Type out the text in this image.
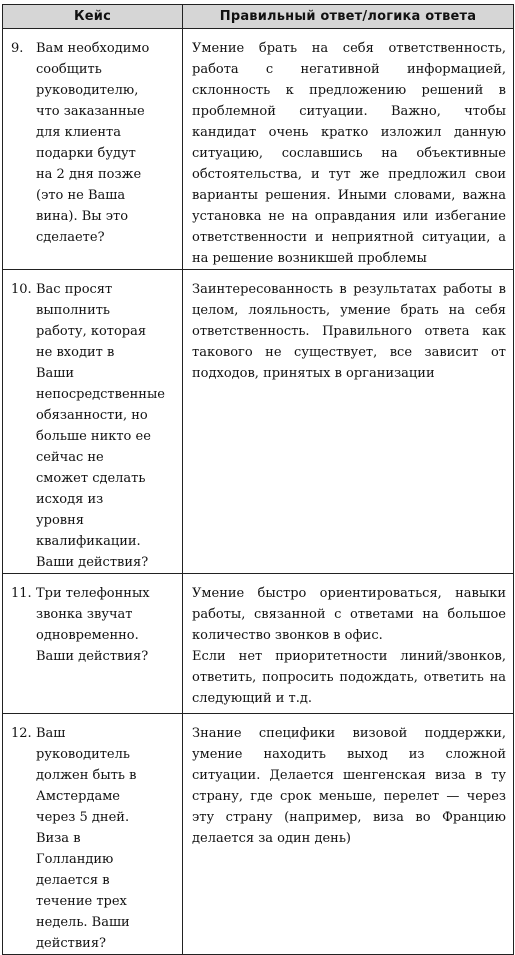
Кейс	Правильный ответ/логика ответа

9. Вам необходимо сообщить руководителю, что заказанные для клиента подарки будут на 2 дня позже (это не Ваша вина). Вы это сделаете?	Умение брать на себя ответственность, работа с негативной информацией, склонность к предложению решений в проблемной ситуации. Важно, чтобы кандидат очень кратко изложил данную ситуацию, сославшись на объективные обстоятельства, и тут же предложил свои варианты решения. Иными словами, важна установка не на оправдания или избегание ответственности и неприятной ситуации, а на решение возникшей проблемы

10. Вас просят выполнить работу, которая не входит в Ваши непосредственные обязанности, но больше никто ее сейчас не сможет сделать исходя из уровня квалификации. Ваши действия?	Заинтересованность в результатах работы в целом, лояльность, умение брать на себя ответственность. Правильного ответа как такового не существует, все зависит от подходов, принятых в организации

11. Три телефонных звонка звучат одновременно. Ваши действия?	Умение быстро ориентироваться, навыки работы, связанной с ответами на большое количество звонков в офис.
Если нет приоритетности линий/звонков, ответить, попросить подождать, ответить на следующий и т.д.

12. Ваш руководитель должен быть в Амстердаме через 5 дней. Виза в Голландию делается в течение трех недель. Ваши действия?	Знание специфики визовой поддержки, умение находить выход из сложной ситуации. Делается шенгенская виза в ту страну, где срок меньше, перелет — через эту страну (например, виза во Францию делается за один день)
